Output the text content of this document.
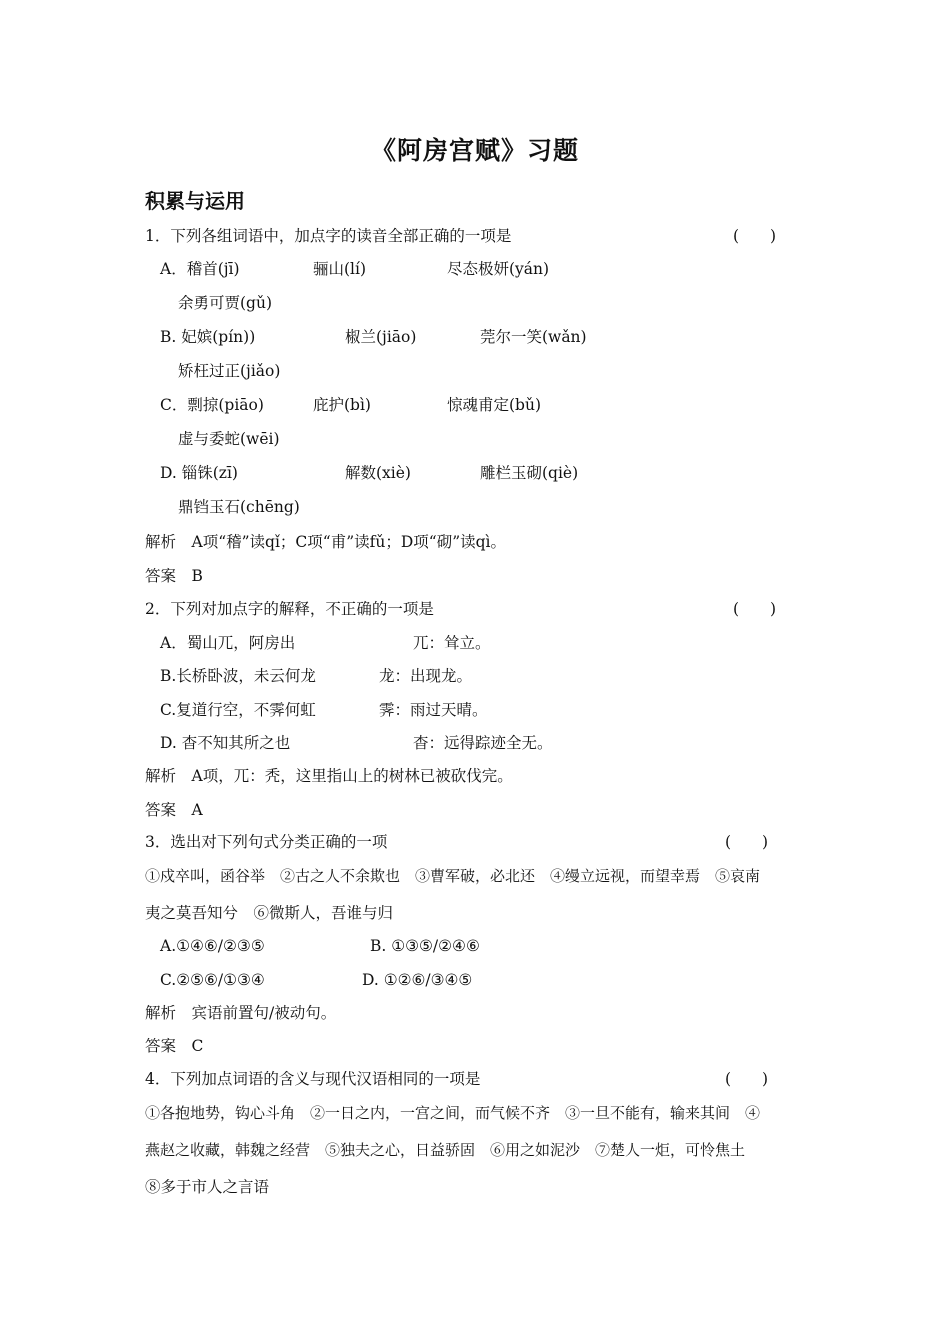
《阿房宫赋》习题
积累与运用
1．下列各组词语中，加点字的读音全部正确的一项是	(　　)
A．稽首(jī)	骊山(lí)	尽态极妍(yán)
余勇可贾(gǔ)
B. 妃嫔(pín))	椒兰(jiāo)	莞尔一笑(wǎn)
矫枉过正(jiǎo)
C．剽掠(piāo)	庇护(bì)	惊魂甫定(bǔ)
虚与委蛇(wēi)
D. 锱铢(zī)	解数(xiè)	雕栏玉砌(qiè)
鼎铛玉石(chēng)
解析　A项“稽”读qǐ；C项“甫”读fǔ；D项“砌”读qì。
答案　B
2．下列对加点字的解释，不正确的一项是	(　　)
A．蜀山兀，阿房出	兀：耸立。
B.长桥卧波，未云何龙	龙：出现龙。
C.复道行空，不霁何虹	霁：雨过天晴。
D. 杳不知其所之也	杳：远得踪迹全无。
解析　A项，兀：秃，这里指山上的树林已被砍伐完。
答案　A
3．选出对下列句式分类正确的一项	(　　)
①戍卒叫，函谷举　②古之人不余欺也　③曹军破，必北还　④缦立远视，而望幸焉　⑤哀南
夷之莫吾知兮　⑥微斯人，吾谁与归
A.①④⑥/②③⑤	B. ①③⑤/②④⑥
C.②⑤⑥/①③④	D. ①②⑥/③④⑤
解析　宾语前置句/被动句。
答案　C
4．下列加点词语的含义与现代汉语相同的一项是	(　　)
①各抱地势，钩心斗角　②一日之内，一宫之间，而气候不齐　③一旦不能有，输来其间　④
燕赵之收藏，韩魏之经营　⑤独夫之心，日益骄固　⑥用之如泥沙　⑦楚人一炬，可怜焦土
⑧多于市人之言语
